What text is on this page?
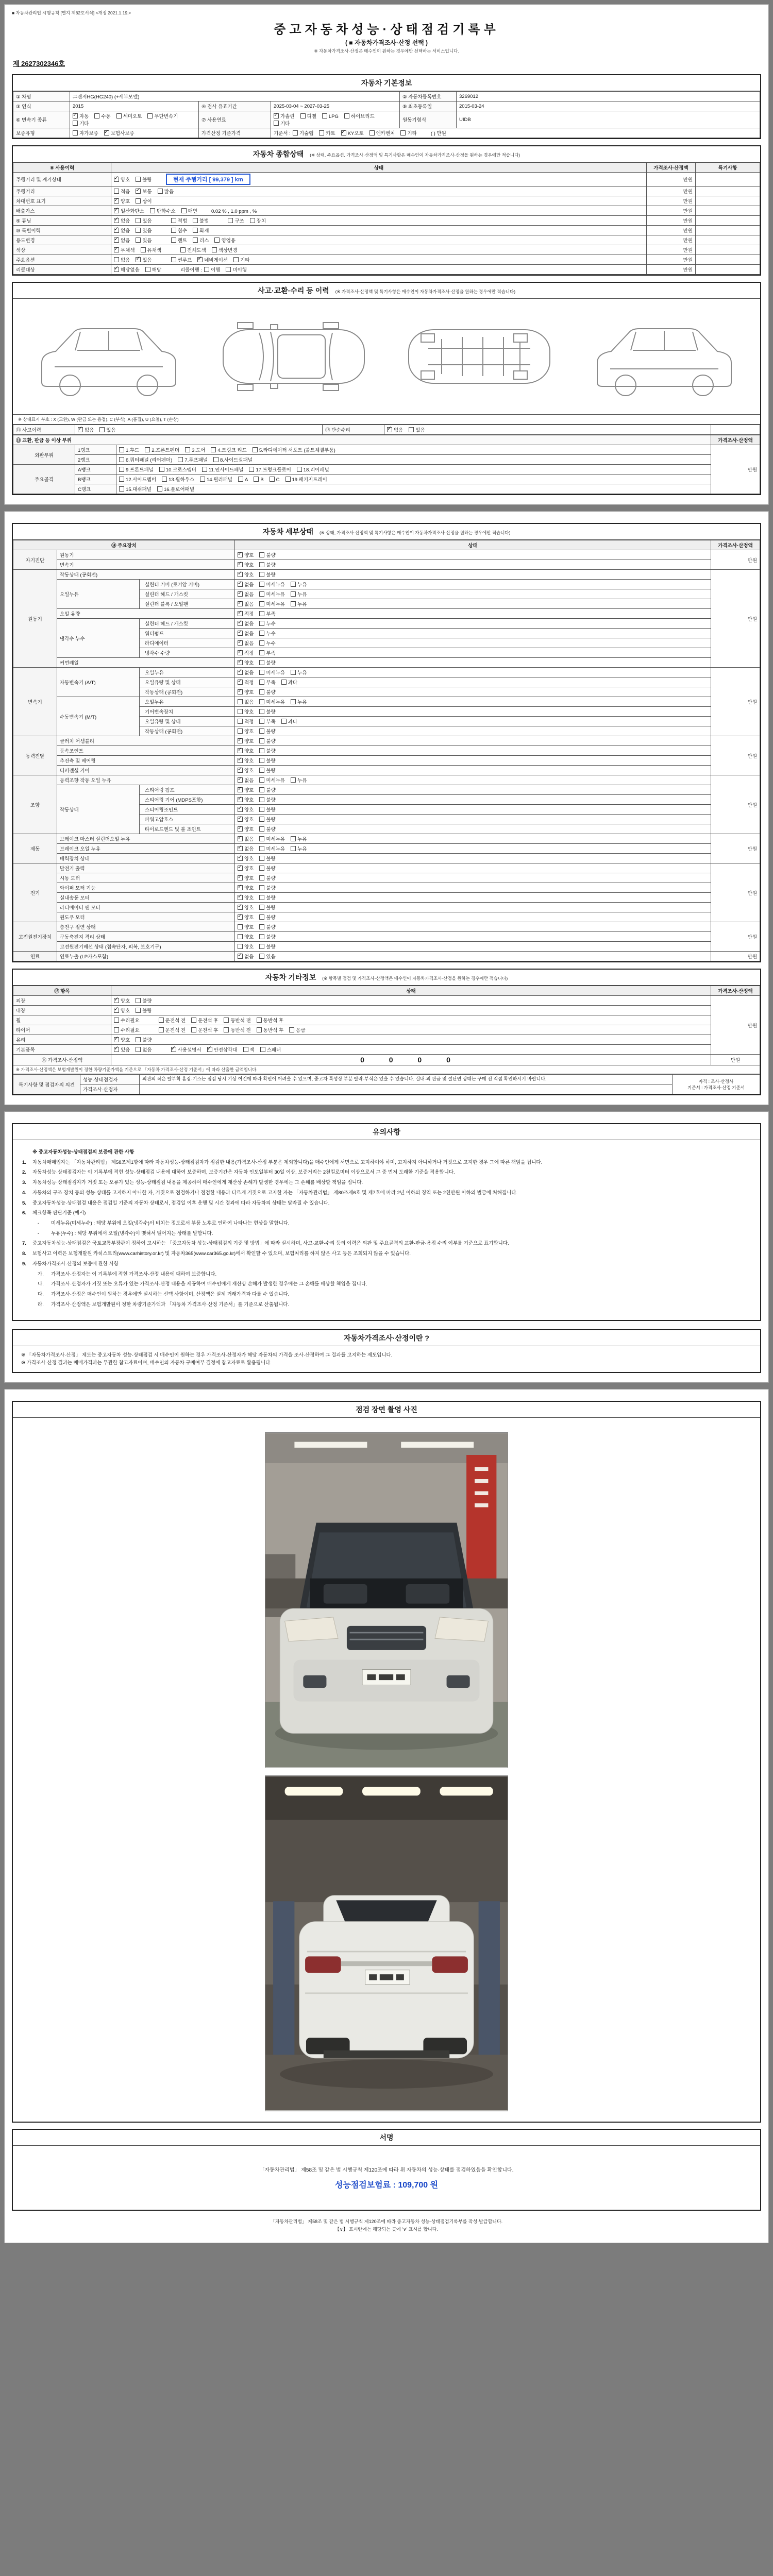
■ 자동차관리법 시행규칙 [별지 제82호서식] <개정 2021.1.19.>
중고자동차성능·상태점검기록부
( ■ 자동차가격조사·산정 선택 )
※ 자동차가격조사·산정은 매수인이 원하는 경우에만 선택하는 서비스입니다.
제 2627302346호
자동차 기본정보
① 차명	그랜저HG(HG240) (+세부모델)			② 자동차등록번호	3269012
③ 연식	2015	④ 검사 유효기간	2025-03-04 ~ 2027-03-25	⑤ 최초등록일	2015-03-24
⑥ 변속기 종류	✓자동 수동 세미오토 무단변속기기타	⑦ 사용연료	✓가솔린 디젤 LPG 하이브리드기타	원동기형식	UIDB
보증유형	자가보증 ✓ 보험사보증	가격산정 기준가격	기준서 : 기술랩 카토 ✓ KY오토 엔카벤처 기타 ( ) 만원
자동차 종합상태 (※ 상태, 주요옵션, 가격조사·산정액 및 특기사항은 매수인이 자동차가격조사·산정을 원하는 경우에만 적습니다)
⑧ 사용이력	상태	가격조사·산정액	특기사항
주행거리 및 계기상태	✓양호 불량 현재 주행거리 [ 99,379 ] km	만원	
주행거리	적음 ✓ 보통 많음	만원	
차대번호 표기	✓양호 상이	만원	
배출가스	✓일산화탄소 탄화수소 매연 0.02 % , 1.0 ppm , %	만원	
⑨ 튜닝	✓없음 있음 적법 불법 구조 장치	만원	
⑩ 특별이력	✓없음 있음 침수 화재	만원	
용도변경	✓없음 있음 렌트 리스 영업용	만원	
색상	✓무채색 유채색 전체도색 색상변경	만원	
주요옵션	없음 ✓ 있음 썬루프 ✓ 네비게이션 기타	만원	
리콜대상	✓해당없음 해당 리콜이행 : 이행 미이행	만원	
사고·교환·수리 등 이력 (※ 가격조사·산정액 및 특기사항은 매수인이 자동차가격조사·산정을 원하는 경우에만 적습니다)
※ 상태표시 부호 : X (교환), W (판금 또는 용접), C (부식), A (흠집), U (요철), T (손상)
⑪ 사고이력	✓없음	있음	⑫ 단순수리	✓없음	있음	
⑬ 교환, 판금 등 이상 부위			가격조사·산정액
외판부위	1랭크	1.후드 2.프론트펜더 3.도어 4.트렁크 리드 5.라디에이터 서포트 (볼트체결부품)	만원
	2랭크	6.쿼터패널 (리어펜더) 7.루프패널 8.사이드실패널	
주요골격	A랭크	9.프론트패널 10.크로스멤버 11.인사이드패널 17.트렁크플로어 18.리어패널	
	B랭크	12.사이드멤버 13.휠하우스 14.필러패널 A B C 19.패키지트레이	
	C랭크	15.대쉬패널 16.플로어패널	
자동차 세부상태 (※ 상태, 가격조사·산정액 및 특기사항은 매수인이 자동차가격조사·산정을 원하는 경우에만 적습니다)
⑭ 주요장치			상태	가격조사·산정액
자기진단	원동기	✓양호 불량	만원
	변속기	✓양호 불량
원동기	작동상태 (공회전)	✓양호 불량	만원
	오일누유	실린더 커버 (로커암 커버)	✓없음 미세누유 누유
		실린더 헤드 / 개스킷	✓없음 미세누유 누유
		실린더 블록 / 오일팬	✓없음 미세누유 누유
	오일 유량	✓적정 부족
	냉각수 누수	실린더 헤드 / 개스킷	✓없음 누수
		워터펌프	✓없음 누수
		라디에이터	✓없음 누수
		냉각수 수량	✓적정 부족
	커먼레일	✓양호 불량
변속기	자동변속기 (A/T)	오일누유	✓없음 미세누유 누유	만원
		오일유량 및 상태	✓적정 부족 과다
		작동상태 (공회전)	✓양호 불량
	수동변속기 (M/T)	오일누유	없음 미세누유 누유	
		기어변속장치	양호 불량	
		오일유량 및 상태	적정 부족 과다	
		작동상태 (공회전)	양호 불량	
동력전달	클러치 어셈블리	✓양호 불량	만원
	등속조인트	✓양호 불량
	추진축 및 베어링	✓양호 불량
	디퍼렌셜 기어	✓양호 불량
조향	동력조향 작동 오일 누유	✓없음 미세누유 누유	만원
	작동상태	스티어링 펌프	✓양호 불량
		스티어링 기어 (MDPS포함)	✓양호 불량
		스티어링조인트	✓양호 불량
		파워고압호스	✓양호 불량
		타이로드엔드 및 볼 조인트	✓양호 불량
제동	브레이크 마스터 실린더오일 누유	✓없음 미세누유 누유	만원
	브레이크 오일 누유	✓없음 미세누유 누유
	배력장치 상태	✓양호 불량
전기	발전기 출력	✓양호 불량	만원
	시동 모터	✓양호 불량
	와이퍼 모터 기능	✓양호 불량
	실내송풍 모터	✓양호 불량
	라디에이터 팬 모터	✓양호 불량
	윈도우 모터	✓양호 불량
고전원전기장치	충전구 절연 상태		양호 불량	만원
	구동축전지 격리 상태		양호 불량	
	고전원전기배선 상태 (접속단자, 피복, 보호기구)		양호 불량	
연료	연료누출 (LP가스포함)	✓없음 있음	만원
자동차 기타정보 (※ 항목별 점검 및 가격조사·산정액은 매수인이 자동차가격조사·산정을 원하는 경우에만 적습니다)
⑮ 항목	상태	가격조사·산정액
외장	✓양호 불량	만원
내장	✓양호 불량
휠	수리필요 운전석 전 운전석 후 동반석 전 동반석 후	
타이어	수리필요 운전석 전 운전석 후 동반석 전 동반석 후 응급	
유리	✓양호 불량
기본품목	✓있음 없음 ✓ 사용설명서 ✓ 안전삼각대 잭 스패너
⑯ 가격조사·산정액	0 0 0 0	만원
※ 가격조사·산정액은 보험개발원이 정한 차량기준가액을 기준으로 「자동차 가격조사·산정 기준서」에 따라 산출한 금액입니다.		
특기사항 및 점검자의 의견	성능·상태점검자	외관의 작은 탈부착 흠집·기스는 점검 당시 기상 여건에 따라 확인이 어려울 수 있으며, 중고차 특성상 부분 탈락·부식은 있을 수 있습니다. 실내·외 판금 및 절단면 상태는 구매 전 직접 확인하시기 바랍니다.	자격 : 조사·산정사
기준서 : 가격조사·산정 기준서
	가격조사·산정자		
유의사항
※ 중고자동차성능·상태점검의 보증에 관한 사항
1.	자동차매매업자는 「자동차관리법」 제58조제1항에 따라 자동차성능·상태점검자가 점검한 내용(가격조사·산정 부분은 제외합니다)을 매수인에게 서면으로 고지하여야 하며, 고지하지 아니하거나 거짓으로 고지한 경우 그에 따른 책임을 집니다.
2.	자동차성능·상태점검자는 이 기록부에 적힌 성능·상태점검 내용에 대하여 보증하며, 보증기간은 자동차 인도일부터 30일 이상, 보증거리는 2천킬로미터 이상으로서 그 중 먼저 도래한 기준을 적용합니다.
3.	자동차성능·상태점검자가 거짓 또는 오류가 있는 성능·상태점검 내용을 제공하여 매수인에게 재산상 손해가 발생한 경우에는 그 손해를 배상할 책임을 집니다.
4.	자동차의 구조·장치 등의 성능·상태를 고지하지 아니한 자, 거짓으로 점검하거나 점검한 내용과 다르게 거짓으로 고지한 자는 「자동차관리법」 제80조제6호 및 제7호에 따라 2년 이하의 징역 또는 2천만원 이하의 벌금에 처해집니다.
5.	중고자동차성능·상태점검 내용은 점검일 기준의 자동차 상태로서, 점검일 이후 운행 및 시간 경과에 따라 자동차의 상태는 달라질 수 있습니다.
6.	체크항목 판단기준 (예시)
-	미세누유(미세누수) : 해당 부위에 오일(냉각수)이 비치는 정도로서 부품 노후로 인하여 나타나는 현상을 말합니다.
-	누유(누수) : 해당 부위에서 오일(냉각수)이 맺혀서 떨어지는 상태를 말합니다.
7.	중고자동차성능·상태점검은 국토교통부장관이 정하여 고시하는 「중고자동차 성능·상태점검의 기준 및 방법」에 따라 실시하며, 사고·교환·수리 등의 이력은 외판 및 주요골격의 교환·판금·용접 수리 여부를 기준으로 표기합니다.
8.	보험사고 이력은 보험개발원 카히스토리(www.carhistory.or.kr) 및 자동차365(www.car365.go.kr)에서 확인할 수 있으며, 보험처리를 하지 않은 사고 등은 조회되지 않을 수 있습니다.
9.	자동차가격조사·산정의 보증에 관한 사항
가.	가격조사·산정자는 이 기록부에 적힌 가격조사·산정 내용에 대하여 보증합니다.
나.	가격조사·산정자가 거짓 또는 오류가 있는 가격조사·산정 내용을 제공하여 매수인에게 재산상 손해가 발생한 경우에는 그 손해를 배상할 책임을 집니다.
다.	가격조사·산정은 매수인이 원하는 경우에만 실시하는 선택 사항이며, 산정액은 실제 거래가격과 다를 수 있습니다.
라.	가격조사·산정액은 보험개발원이 정한 차량기준가액과 「자동차 가격조사·산정 기준서」를 기준으로 산출됩니다.
자동차가격조사·산정이란 ?
※ 「자동차가격조사·산정」 제도는 중고자동차 성능·상태점검 시 매수인이 원하는 경우 가격조사·산정자가 해당 자동차의 가격을 조사·산정하여 그 결과를 고지하는 제도입니다.
※ 가격조사·산정 결과는 매매가격과는 무관한 참고자료이며, 매수인의 자동차 구매여부 결정에 참고자료로 활용됩니다.
점검 장면 촬영 사진
서명
「자동차관리법」 제58조 및 같은 법 시행규칙 제120조에 따라 위 자동차의 성능·상태를 점검하였음을 확인합니다.
성능점검보험료 : 109,700 원
「자동차관리법」 제58조 및 같은 법 시행규칙 제120조에 따라 중고자동차 성능·상태점검기록부를 작성·발급합니다.
【∨】 표시란에는 해당되는 곳에 '∨' 표시를 합니다.
